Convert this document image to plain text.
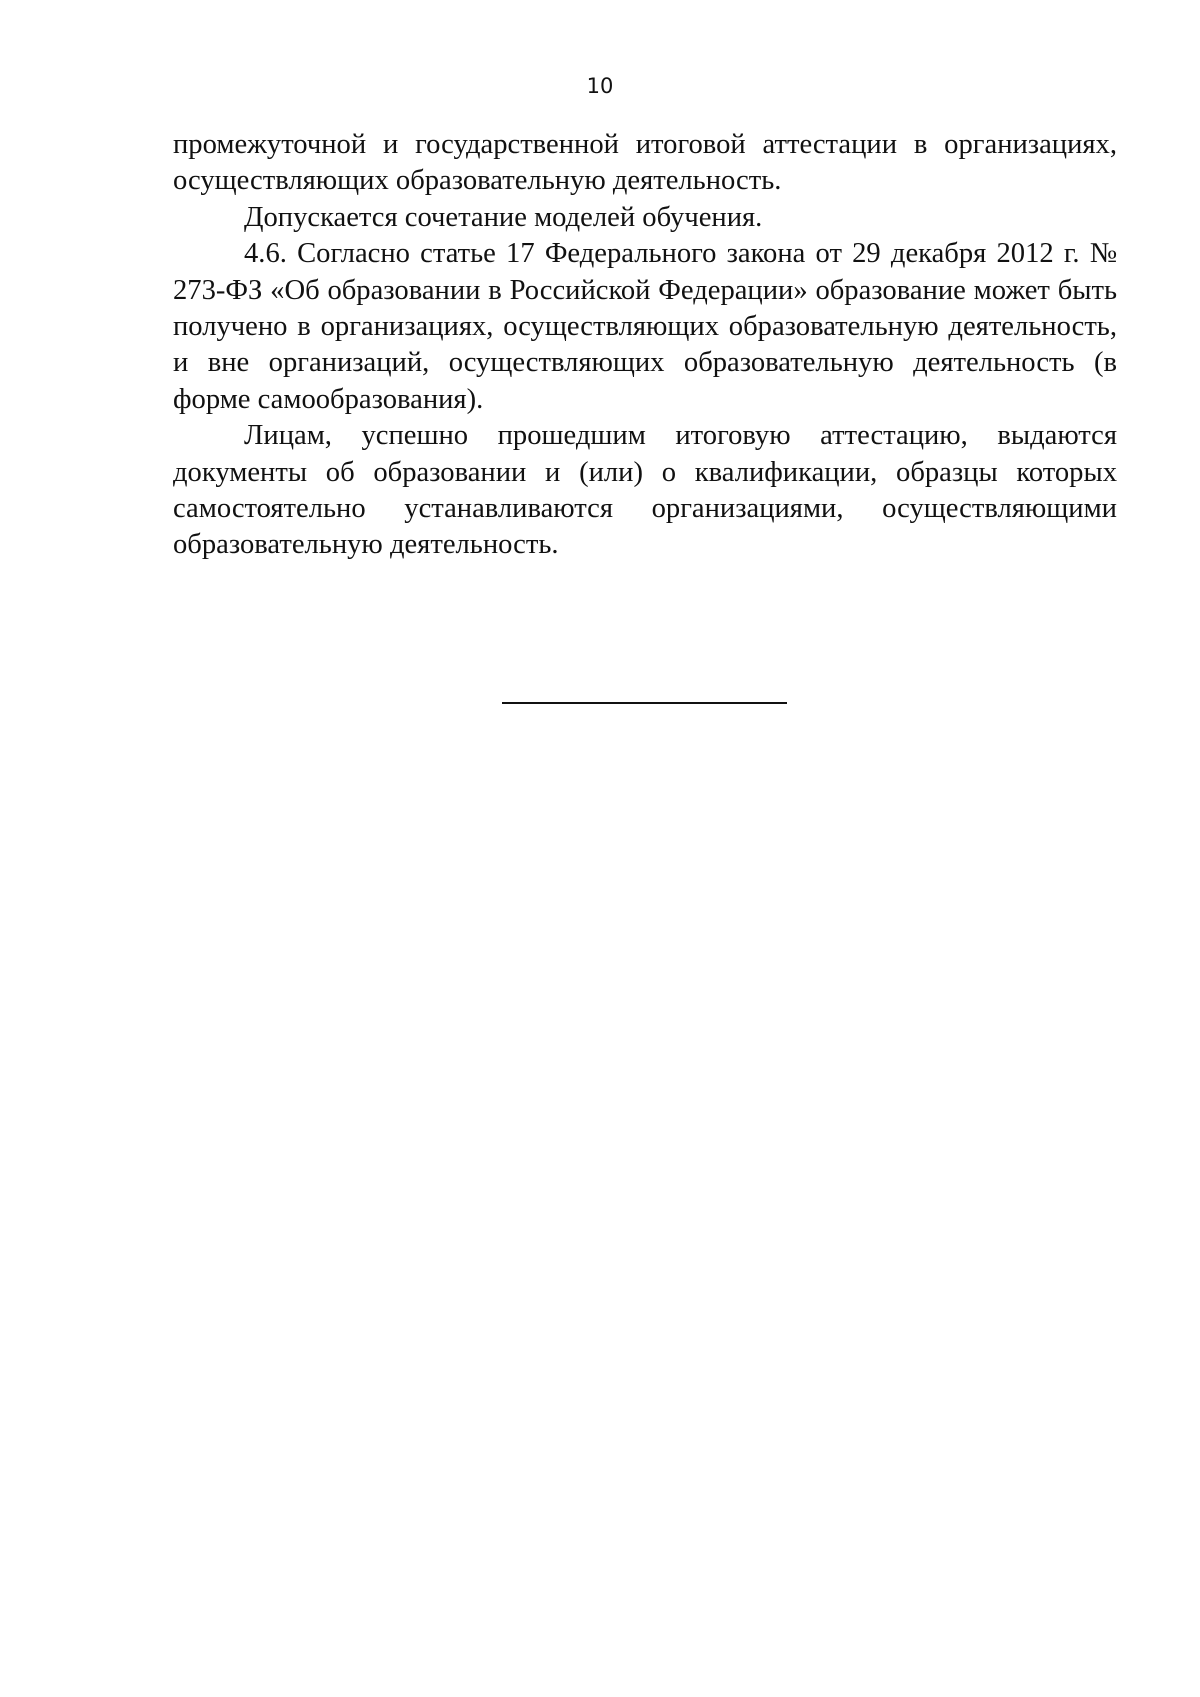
10

промежуточной и государственной итоговой аттестации в организациях, осуществляющих образовательную деятельность.

Допускается сочетание моделей обучения.

4.6. Согласно статье 17 Федерального закона от 29 декабря 2012 г. № 273-ФЗ «Об образовании в Российской Федерации» образование может быть получено в организациях, осуществляющих образовательную деятельность, и вне организаций, осуществляющих образовательную деятельность (в форме самообразования).

Лицам, успешно прошедшим итоговую аттестацию, выдаются документы об образовании и (или) о квалификации, образцы которых самостоятельно устанавливаются организациями, осуществляющими образовательную деятельность.
